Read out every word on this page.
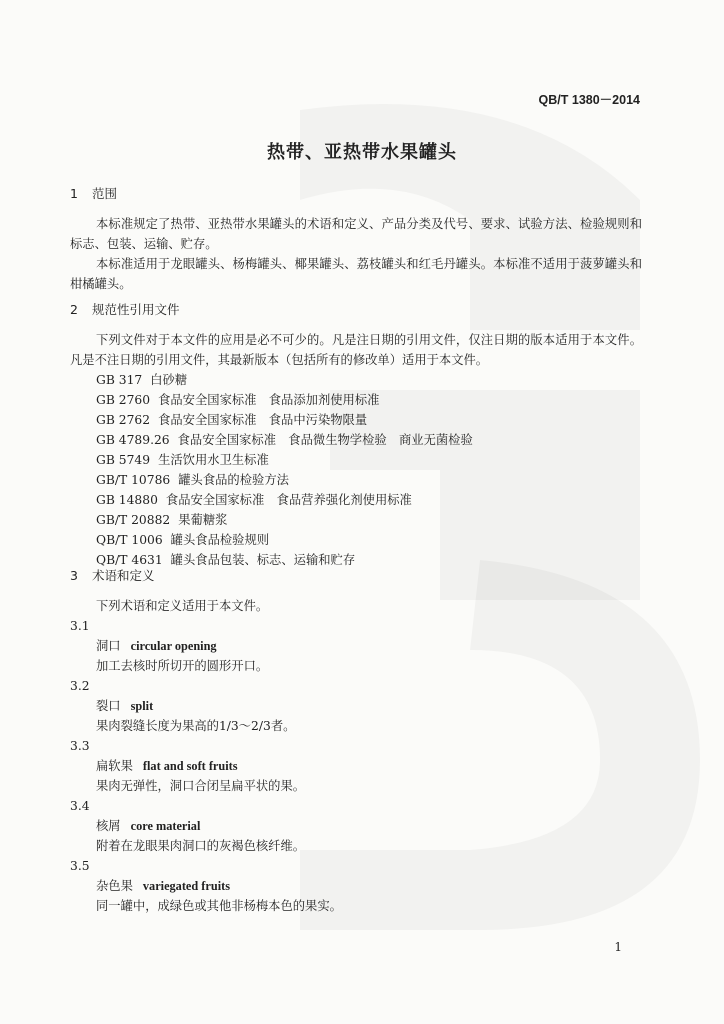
QB/T 1380－2014
热带、亚热带水果罐头
1 范围

本标准规定了热带、亚热带水果罐头的术语和定义、产品分类及代号、要求、试验方法、检验规则和标志、包装、运输、贮存。

本标准适用于龙眼罐头、杨梅罐头、椰果罐头、荔枝罐头和红毛丹罐头。本标准不适用于菠萝罐头和柑橘罐头。

2 规范性引用文件

下列文件对于本文件的应用是必不可少的。凡是注日期的引用文件，仅注日期的版本适用于本文件。凡是不注日期的引用文件，其最新版本（包括所有的修改单）适用于本文件。

GB 317 白砂糖

GB 2760 食品安全国家标准　食品添加剂使用标准

GB 2762 食品安全国家标准　食品中污染物限量

GB 4789.26 食品安全国家标准　食品微生物学检验　商业无菌检验

GB 5749 生活饮用水卫生标准

GB/T 10786 罐头食品的检验方法

GB 14880 食品安全国家标准　食品营养强化剂使用标准

GB/T 20882 果葡糖浆

QB/T 1006 罐头食品检验规则

QB/T 4631 罐头食品包装、标志、运输和贮存

3 术语和定义

下列术语和定义适用于本文件。

3.1

洞口 circular opening

加工去核时所切开的圆形开口。

3.2

裂口 split

果肉裂缝长度为果高的1/3～2/3者。

3.3

扁软果 flat and soft fruits

果肉无弹性，洞口合闭呈扁平状的果。

3.4

核屑 core material

附着在龙眼果肉洞口的灰褐色核纤维。

3.5

杂色果 variegated fruits

同一罐中，成绿色或其他非杨梅本色的果实。

1
